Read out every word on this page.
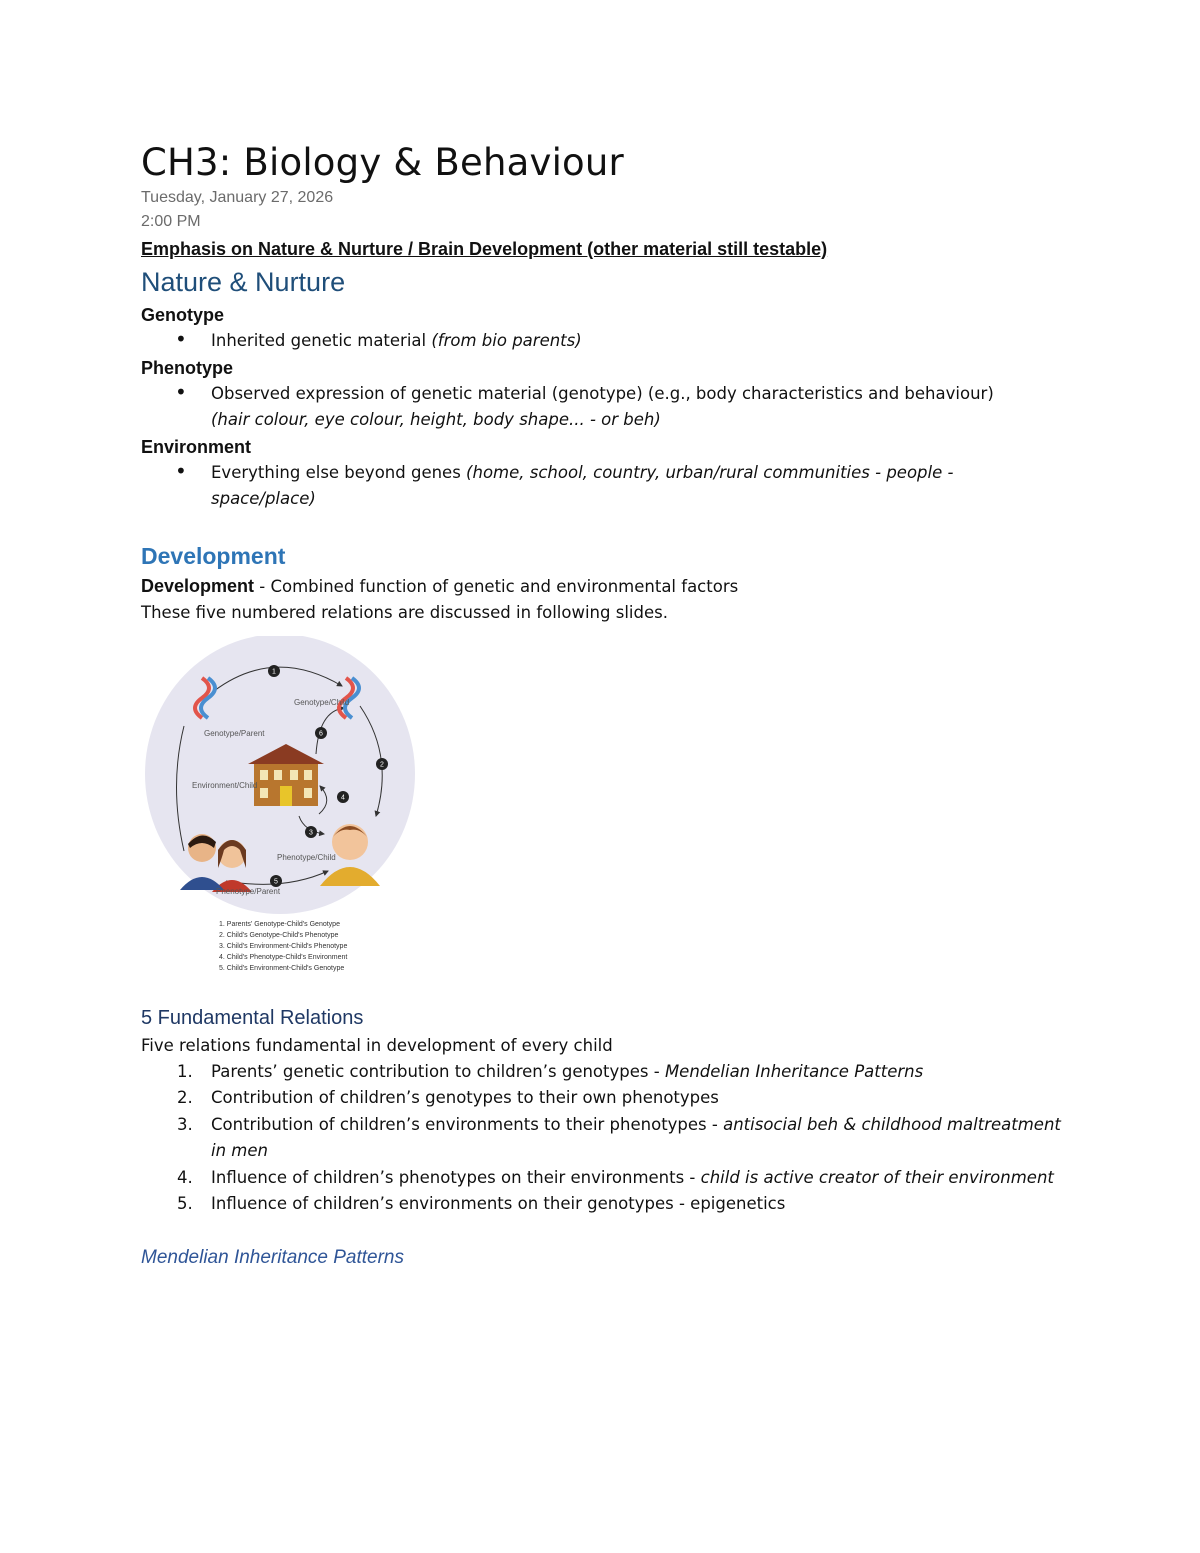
CH3: Biology & Behaviour
Tuesday, January 27, 2026
2:00 PM
Emphasis on Nature & Nurture / Brain Development (other material still testable)
Nature & Nurture
Genotype
• Inherited genetic material (from bio parents)
Phenotype
• Observed expression of genetic material (genotype) (e.g., body characteristics and behaviour)
(hair colour, eye colour, height, body shape... - or beh)
Environment
• Everything else beyond genes (home, school, country, urban/rural communities - people - space/place)
Development
Development - Combined function of genetic and environmental factors
These five numbered relations are discussed in following slides.
Genotype/Parent
Genotype/Child
Environment/Child
Phenotype/Child
Phenotype/Parent
1
2
3
4
5
6
1. Parents' Genotype-Child's Genotype
2. Child's Genotype-Child's Phenotype
3. Child's Environment-Child's Phenotype
4. Child's Phenotype-Child's Environment
5. Child's Environment-Child's Genotype
5 Fundamental Relations
Five relations fundamental in development of every child
1. Parents’ genetic contribution to children’s genotypes - Mendelian Inheritance Patterns
2. Contribution of children’s genotypes to their own phenotypes
3. Contribution of children’s environments to their phenotypes - antisocial beh & childhood maltreatment in men
4. Influence of children’s phenotypes on their environments - child is active creator of their environment
5. Influence of children’s environments on their genotypes - epigenetics
Mendelian Inheritance Patterns
